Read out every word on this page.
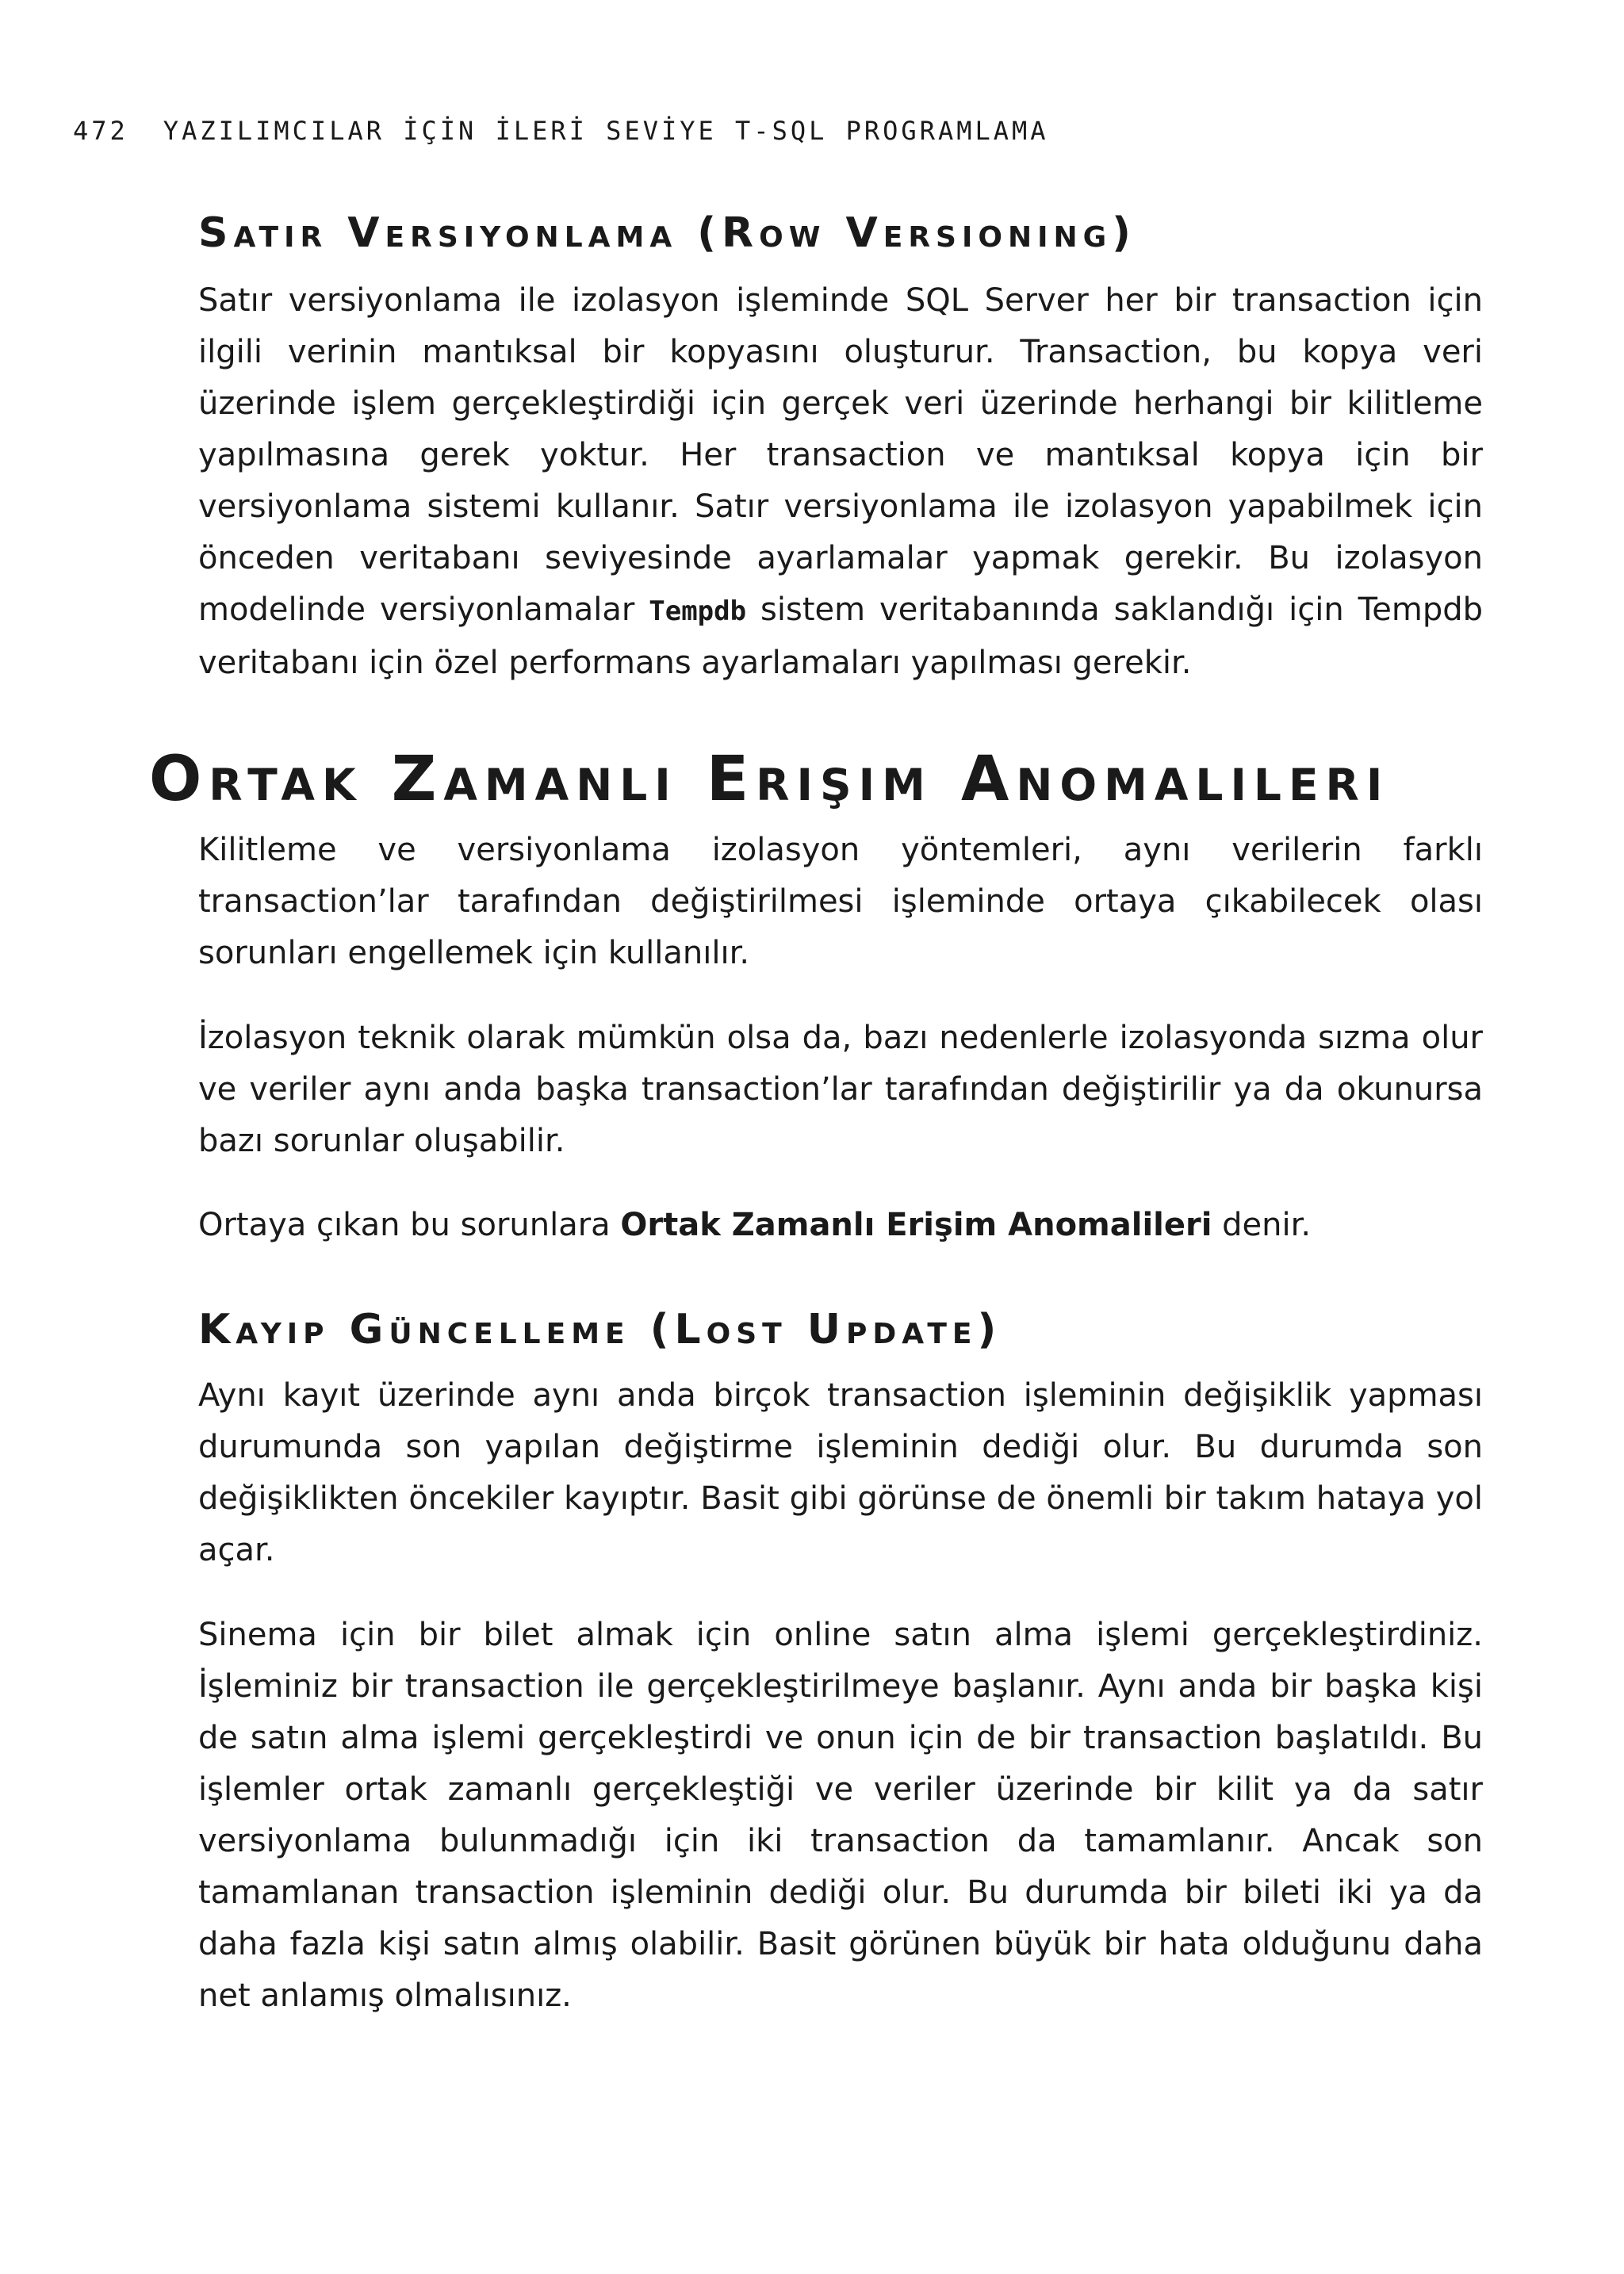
472 YAZILIMCILAR İÇİN İLERİ SEVİYE T-SQL PROGRAMLAMA
Satır Versiyonlama (Row Versioning)

Satır versiyonlama ile izolasyon işleminde SQL Server her bir transaction için ilgili verinin mantıksal bir kopyasını oluşturur. Transaction, bu kopya veri üzerinde işlem gerçekleştirdiği için gerçek veri üzerinde herhangi bir kilitleme yapılmasına gerek yoktur. Her transaction ve mantıksal kopya için bir versiyonlama sistemi kullanır. Satır versiyonlama ile izolasyon yapabilmek için önceden veritabanı seviyesinde ayarlamalar yapmak gerekir. Bu izolasyon modelinde versiyonlamalar Tempdb sistem veritabanında saklandığı için Tempdb veritabanı için özel performans ayarlamaları yapılması gerekir.

Ortak Zamanlı Erişim Anomalileri

Kilitleme ve versiyonlama izolasyon yöntemleri, aynı verilerin farklı transaction’lar tarafından değiştirilmesi işleminde ortaya çıkabilecek olası sorunları engellemek için kullanılır.

İzolasyon teknik olarak mümkün olsa da, bazı nedenlerle izolasyonda sızma olur ve veriler aynı anda başka transaction’lar tarafından değiştirilir ya da okunursa bazı sorunlar oluşabilir.

Ortaya çıkan bu sorunlara Ortak Zamanlı Erişim Anomalileri denir.

Kayıp Güncelleme (Lost Update)

Aynı kayıt üzerinde aynı anda birçok transaction işleminin değişiklik yapması durumunda son yapılan değiştirme işleminin dediği olur. Bu durumda son değişiklikten öncekiler kayıptır. Basit gibi görünse de önemli bir takım hataya yol açar.

Sinema için bir bilet almak için online satın alma işlemi gerçekleştirdiniz. İşleminiz bir transaction ile gerçekleştirilmeye başlanır. Aynı anda bir başka kişi de satın alma işlemi gerçekleştirdi ve onun için de bir transaction başlatıldı. Bu işlemler ortak zamanlı gerçekleştiği ve veriler üzerinde bir kilit ya da satır versiyonlama bulunmadığı için iki transaction da tamamlanır. Ancak son tamamlanan transaction işleminin dediği olur. Bu durumda bir bileti iki ya da daha fazla kişi satın almış olabilir. Basit görünen büyük bir hata olduğunu daha net anlamış olmalısınız.
